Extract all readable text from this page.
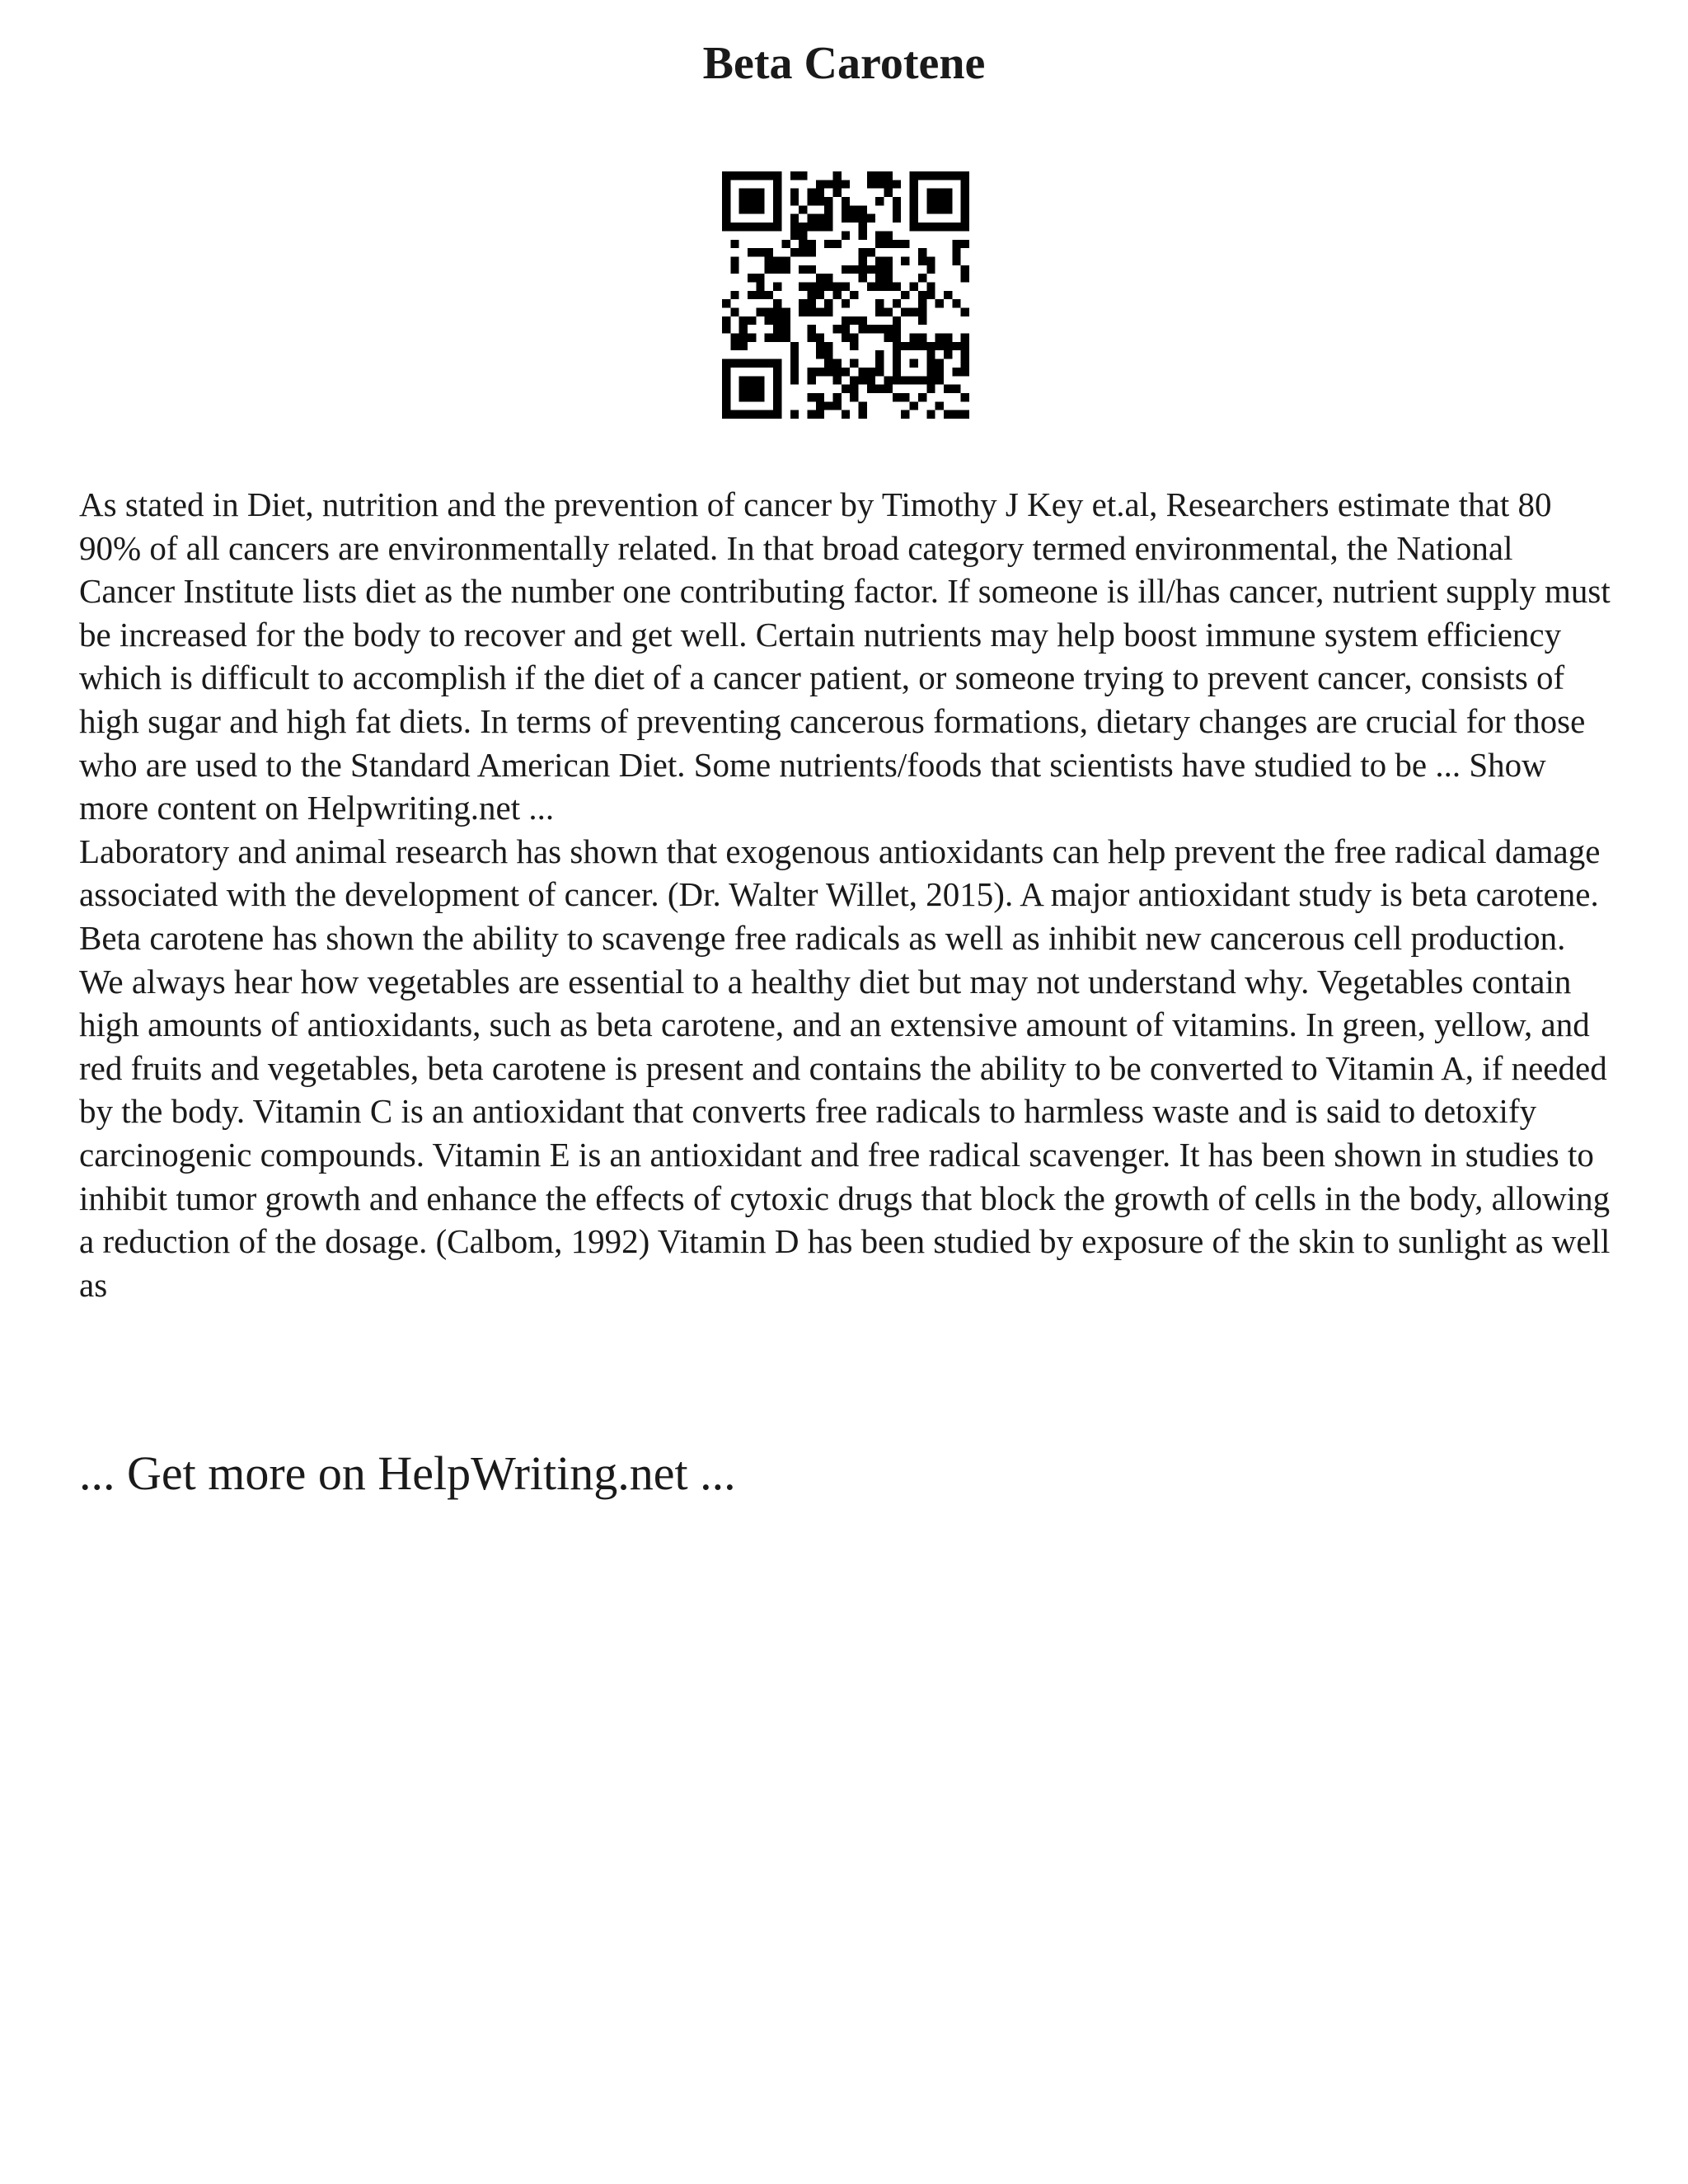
Beta Carotene

As stated in Diet, nutrition and the prevention of cancer by Timothy J Key et.al, Researchers estimate that 80 90% of all cancers are environmentally related. In that broad category termed environmental, the National Cancer Institute lists diet as the number one contributing factor. If someone is ill/has cancer, nutrient supply must be increased for the body to recover and get well. Certain nutrients may help boost immune system efficiency which is difficult to accomplish if the diet of a cancer patient, or someone trying to prevent cancer, consists of high sugar and high fat diets. In terms of preventing cancerous formations, dietary changes are crucial for those who are used to the Standard American Diet. Some nutrients/foods that scientists have studied to be ... Show more content on Helpwriting.net ...

Laboratory and animal research has shown that exogenous antioxidants can help prevent the free radical damage associated with the development of cancer. (Dr. Walter Willet, 2015). A major antioxidant study is beta carotene. Beta carotene has shown the ability to scavenge free radicals as well as inhibit new cancerous cell production. We always hear how vegetables are essential to a healthy diet but may not understand why. Vegetables contain high amounts of antioxidants, such as beta carotene, and an extensive amount of vitamins. In green, yellow, and red fruits and vegetables, beta carotene is present and contains the ability to be converted to Vitamin A, if needed by the body. Vitamin C is an antioxidant that converts free radicals to harmless waste and is said to detoxify carcinogenic compounds. Vitamin E is an antioxidant and free radical scavenger. It has been shown in studies to inhibit tumor growth and enhance the effects of cytoxic drugs that block the growth of cells in the body, allowing a reduction of the dosage. (Calbom, 1992) Vitamin D has been studied by exposure of the skin to sunlight as well as

... Get more on HelpWriting.net ...
